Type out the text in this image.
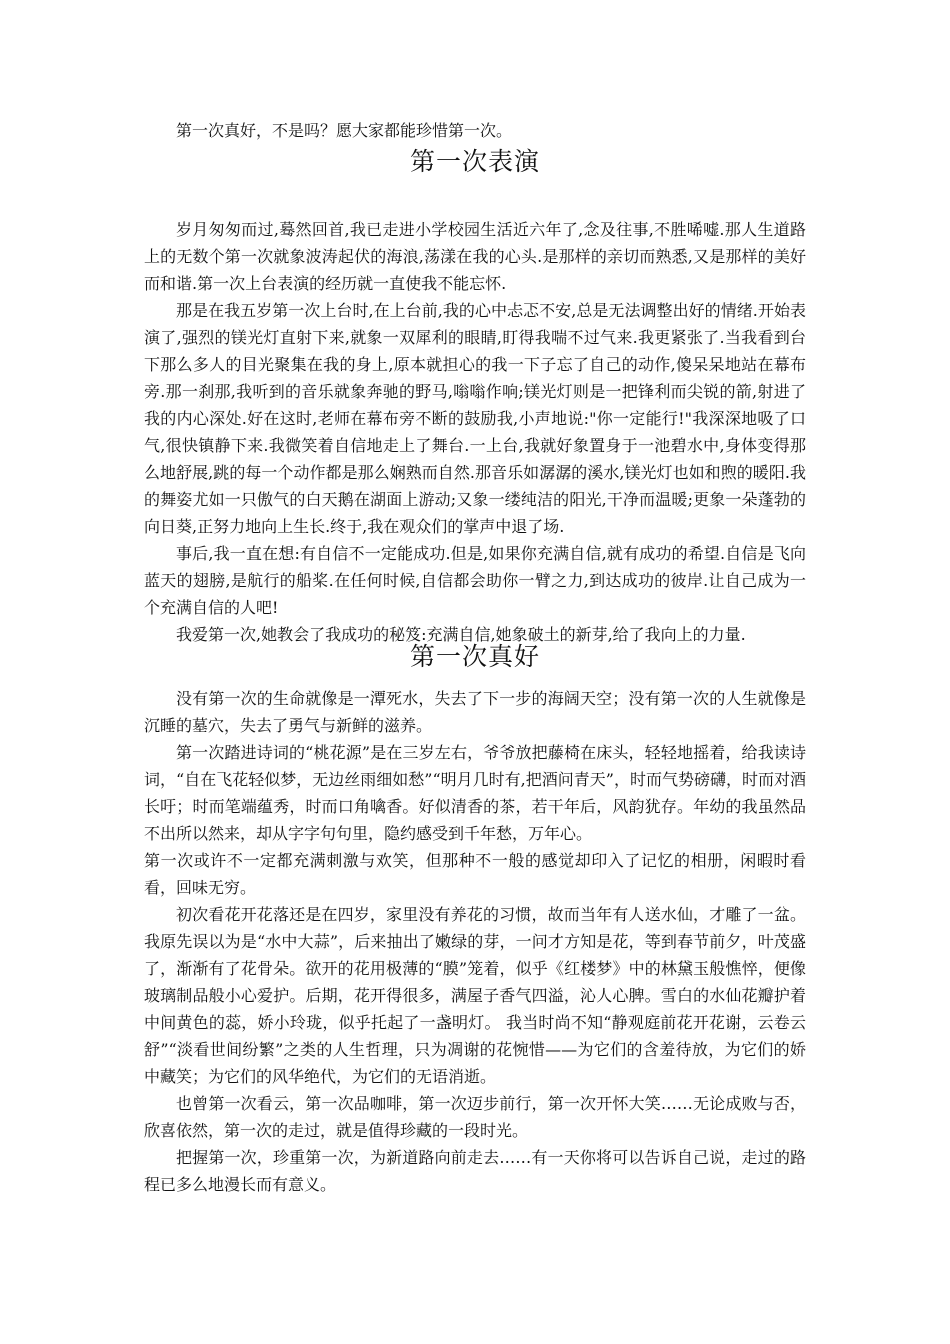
第一次真好，不是吗？愿大家都能珍惜第一次。

第一次表演

岁月匆匆而过,蓦然回首,我已走进小学校园生活近六年了,念及往事,不胜唏嘘.那人生道路上的无数个第一次就象波涛起伏的海浪,荡漾在我的心头.是那样的亲切而熟悉,又是那样的美好而和谐.第一次上台表演的经历就一直使我不能忘怀.

那是在我五岁第一次上台时,在上台前,我的心中忐忑不安,总是无法调整出好的情绪.开始表演了,强烈的镁光灯直射下来,就象一双犀利的眼睛,盯得我喘不过气来.我更紧张了.当我看到台下那么多人的目光聚集在我的身上,原本就担心的我一下子忘了自己的动作,傻呆呆地站在幕布旁.那一刹那,我听到的音乐就象奔驰的野马,嗡嗡作响;镁光灯则是一把锋利而尖锐的箭,射进了我的内心深处.好在这时,老师在幕布旁不断的鼓励我,小声地说:"你一定能行!"我深深地吸了口气,很快镇静下来.我微笑着自信地走上了舞台.一上台,我就好象置身于一池碧水中,身体变得那么地舒展,跳的每一个动作都是那么娴熟而自然.那音乐如潺潺的溪水,镁光灯也如和煦的暖阳.我的舞姿尤如一只傲气的白天鹅在湖面上游动;又象一缕纯洁的阳光,干净而温暖;更象一朵蓬勃的向日葵,正努力地向上生长.终于,我在观众们的掌声中退了场.

事后,我一直在想:有自信不一定能成功.但是,如果你充满自信,就有成功的希望.自信是飞向蓝天的翅膀,是航行的船桨.在任何时候,自信都会助你一臂之力,到达成功的彼岸.让自己成为一个充满自信的人吧!

我爱第一次,她教会了我成功的秘笈:充满自信,她象破土的新芽,给了我向上的力量.

第一次真好

没有第一次的生命就像是一潭死水，失去了下一步的海阔天空；没有第一次的人生就像是沉睡的墓穴，失去了勇气与新鲜的滋养。

第一次踏进诗词的“桃花源”是在三岁左右，爷爷放把藤椅在床头，轻轻地摇着，给我读诗词，“自在飞花轻似梦，无边丝雨细如愁”“明月几时有,把酒问青天”，时而气势磅礴，时而对酒长吁；时而笔端蕴秀，时而口角噙香。好似清香的茶，若干年后，风韵犹存。年幼的我虽然品不出所以然来，却从字字句句里，隐约感受到千年愁，万年心。

第一次或许不一定都充满刺激与欢笑，但那种不一般的感觉却印入了记忆的相册，闲暇时看看，回味无穷。

初次看花开花落还是在四岁，家里没有养花的习惯，故而当年有人送水仙，才雕了一盆。我原先误以为是“水中大蒜”，后来抽出了嫩绿的芽，一问才方知是花，等到春节前夕，叶茂盛了，渐渐有了花骨朵。欲开的花用极薄的“膜”笼着，似乎《红楼梦》中的林黛玉般憔悴，便像玻璃制品般小心爱护。后期，花开得很多，满屋子香气四溢，沁人心脾。雪白的水仙花瓣护着中间黄色的蕊，娇小玲珑，似乎托起了一盏明灯。 我当时尚不知“静观庭前花开花谢，云卷云舒”“淡看世间纷繁”之类的人生哲理，只为凋谢的花惋惜——为它们的含羞待放，为它们的娇中藏笑；为它们的风华绝代，为它们的无语消逝。

也曾第一次看云，第一次品咖啡，第一次迈步前行，第一次开怀大笑……无论成败与否，欣喜依然，第一次的走过，就是值得珍藏的一段时光。

把握第一次，珍重第一次，为新道路向前走去……有一天你将可以告诉自己说，走过的路程已多么地漫长而有意义。
